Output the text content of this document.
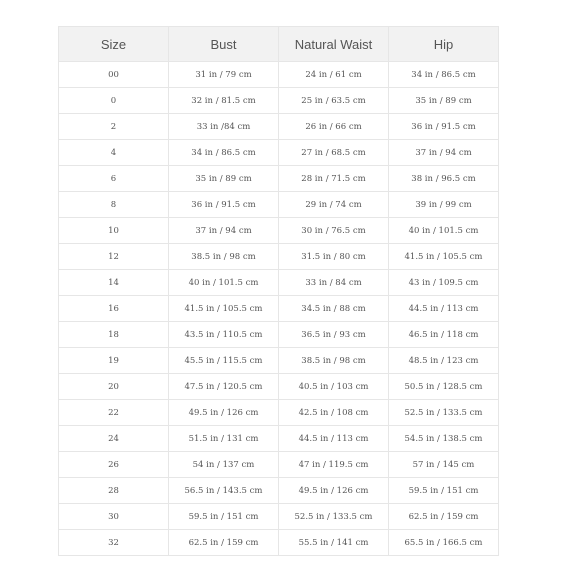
Size	Bust	Natural Waist	Hip
00	31 in / 79 cm	24 in / 61 cm	34 in / 86.5 cm
0	32 in / 81.5 cm	25 in / 63.5 cm	35 in / 89 cm
2	33 in /84 cm	26 in / 66 cm	36 in / 91.5 cm
4	34 in / 86.5 cm	27 in / 68.5 cm	37 in / 94 cm
6	35 in / 89 cm	28 in / 71.5 cm	38 in / 96.5 cm
8	36 in / 91.5 cm	29 in / 74 cm	39 in / 99 cm
10	37 in / 94 cm	30 in / 76.5 cm	40 in / 101.5 cm
12	38.5 in / 98 cm	31.5 in / 80 cm	41.5 in / 105.5 cm
14	40 in / 101.5 cm	33 in / 84 cm	43 in / 109.5 cm
16	41.5 in / 105.5 cm	34.5 in / 88 cm	44.5 in / 113 cm
18	43.5 in / 110.5 cm	36.5 in / 93 cm	46.5 in / 118 cm
19	45.5 in / 115.5 cm	38.5 in / 98 cm	48.5 in / 123 cm
20	47.5 in / 120.5 cm	40.5 in / 103 cm	50.5 in / 128.5 cm
22	49.5 in / 126 cm	42.5 in / 108 cm	52.5 in / 133.5 cm
24	51.5 in / 131 cm	44.5 in / 113 cm	54.5 in / 138.5 cm
26	54 in / 137 cm	47 in / 119.5 cm	57 in / 145 cm
28	56.5 in / 143.5 cm	49.5 in / 126 cm	59.5 in / 151 cm
30	59.5 in / 151 cm	52.5 in / 133.5 cm	62.5 in / 159 cm
32	62.5 in / 159 cm	55.5 in / 141 cm	65.5 in / 166.5 cm
